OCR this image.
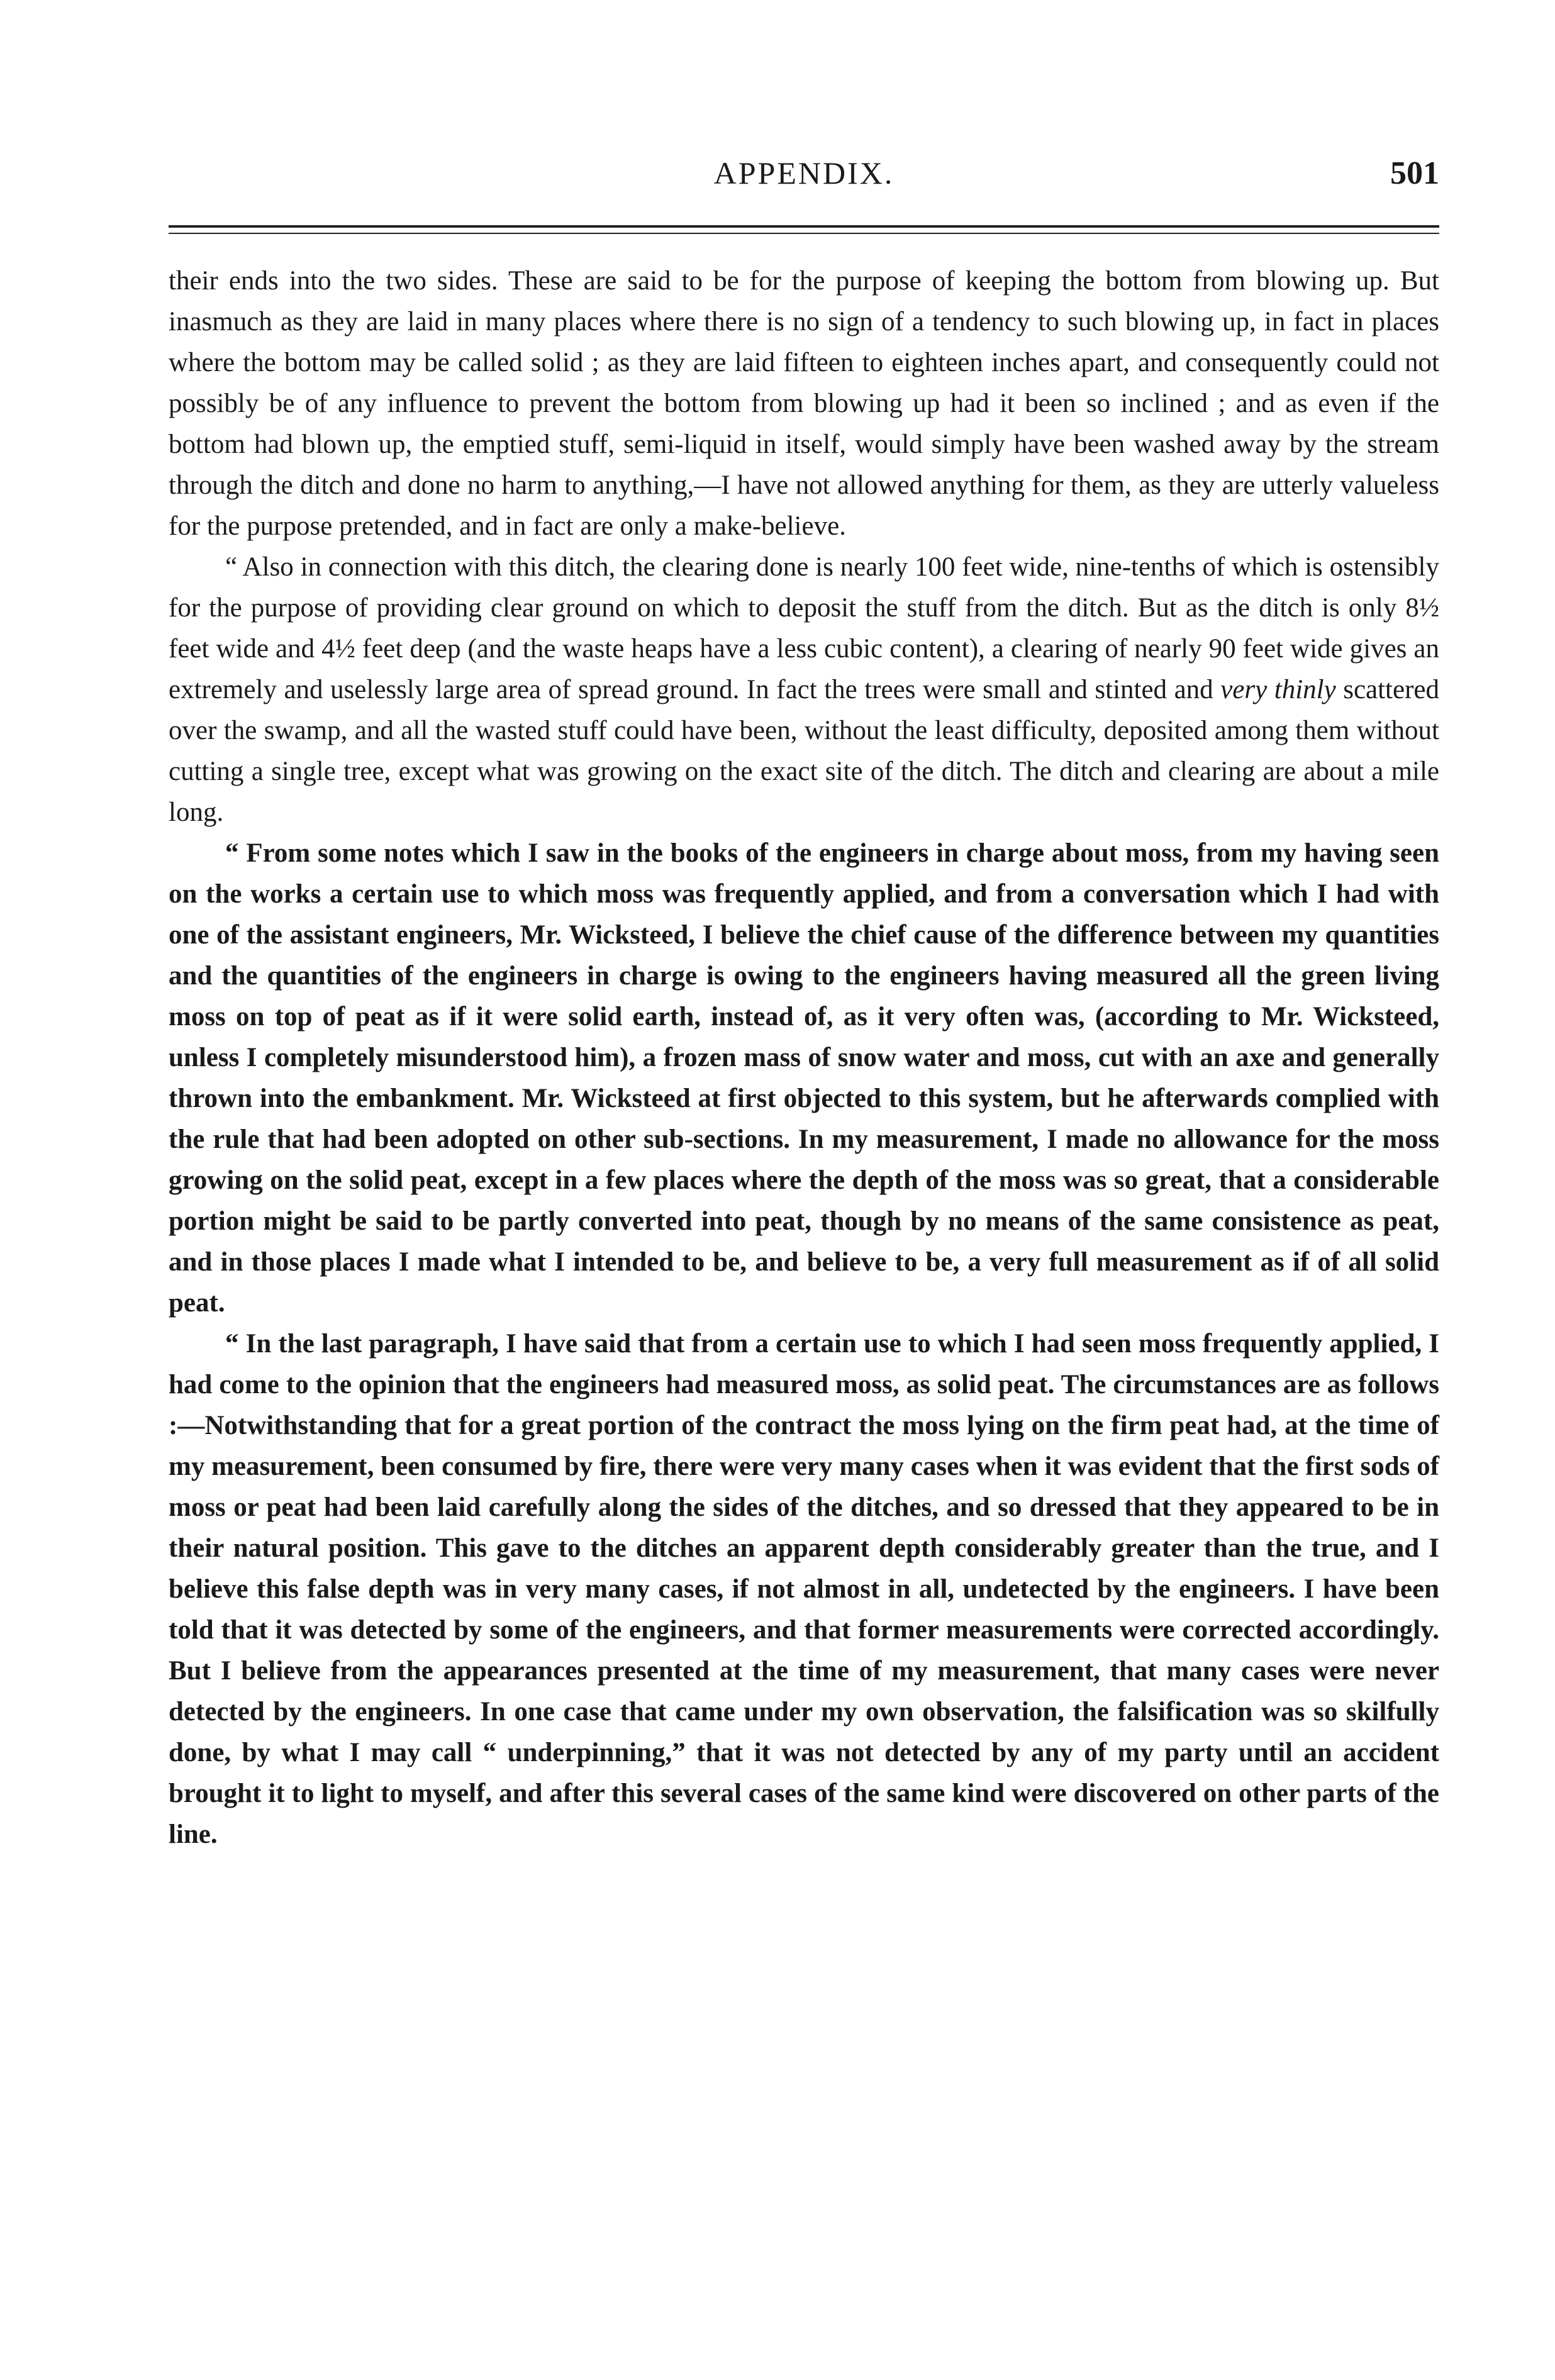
APPENDIX.	501

their ends into the two sides. These are said to be for the purpose of keeping the bottom from blowing up. But inasmuch as they are laid in many places where there is no sign of a tendency to such blowing up, in fact in places where the bottom may be called solid ; as they are laid fifteen to eighteen inches apart, and consequently could not possibly be of any influence to prevent the bottom from blowing up had it been so inclined ; and as even if the bottom had blown up, the emptied stuff, semi-liquid in itself, would simply have been washed away by the stream through the ditch and done no harm to anything,—I have not allowed anything for them, as they are utterly valueless for the purpose pretended, and in fact are only a make-believe.

“ Also in connection with this ditch, the clearing done is nearly 100 feet wide, nine-tenths of which is ostensibly for the purpose of providing clear ground on which to deposit the stuff from the ditch. But as the ditch is only 8½ feet wide and 4½ feet deep (and the waste heaps have a less cubic content), a clearing of nearly 90 feet wide gives an extremely and uselessly large area of spread ground. In fact the trees were small and stinted and very thinly scattered over the swamp, and all the wasted stuff could have been, without the least difficulty, deposited among them without cutting a single tree, except what was growing on the exact site of the ditch. The ditch and clearing are about a mile long.

“ From some notes which I saw in the books of the engineers in charge about moss, from my having seen on the works a certain use to which moss was frequently applied, and from a conversation which I had with one of the assistant engineers, Mr. Wicksteed, I believe the chief cause of the difference between my quantities and the quantities of the engineers in charge is owing to the engineers having measured all the green living moss on top of peat as if it were solid earth, instead of, as it very often was, (according to Mr. Wicksteed, unless I completely misunderstood him), a frozen mass of snow water and moss, cut with an axe and generally thrown into the embankment. Mr. Wicksteed at first objected to this system, but he afterwards complied with the rule that had been adopted on other sub-sections. In my measurement, I made no allowance for the moss growing on the solid peat, except in a few places where the depth of the moss was so great, that a considerable portion might be said to be partly converted into peat, though by no means of the same consistence as peat, and in those places I made what I intended to be, and believe to be, a very full measurement as if of all solid peat.

“ In the last paragraph, I have said that from a certain use to which I had seen moss frequently applied, I had come to the opinion that the engineers had measured moss, as solid peat. The circumstances are as follows :—Notwithstanding that for a great portion of the contract the moss lying on the firm peat had, at the time of my measurement, been consumed by fire, there were very many cases when it was evident that the first sods of moss or peat had been laid carefully along the sides of the ditches, and so dressed that they appeared to be in their natural position. This gave to the ditches an apparent depth considerably greater than the true, and I believe this false depth was in very many cases, if not almost in all, undetected by the engineers. I have been told that it was detected by some of the engineers, and that former measurements were corrected accordingly. But I believe from the appearances presented at the time of my measurement, that many cases were never detected by the engineers. In one case that came under my own observation, the falsification was so skilfully done, by what I may call “ underpinning,” that it was not detected by any of my party until an accident brought it to light to myself, and after this several cases of the same kind were discovered on other parts of the line.
